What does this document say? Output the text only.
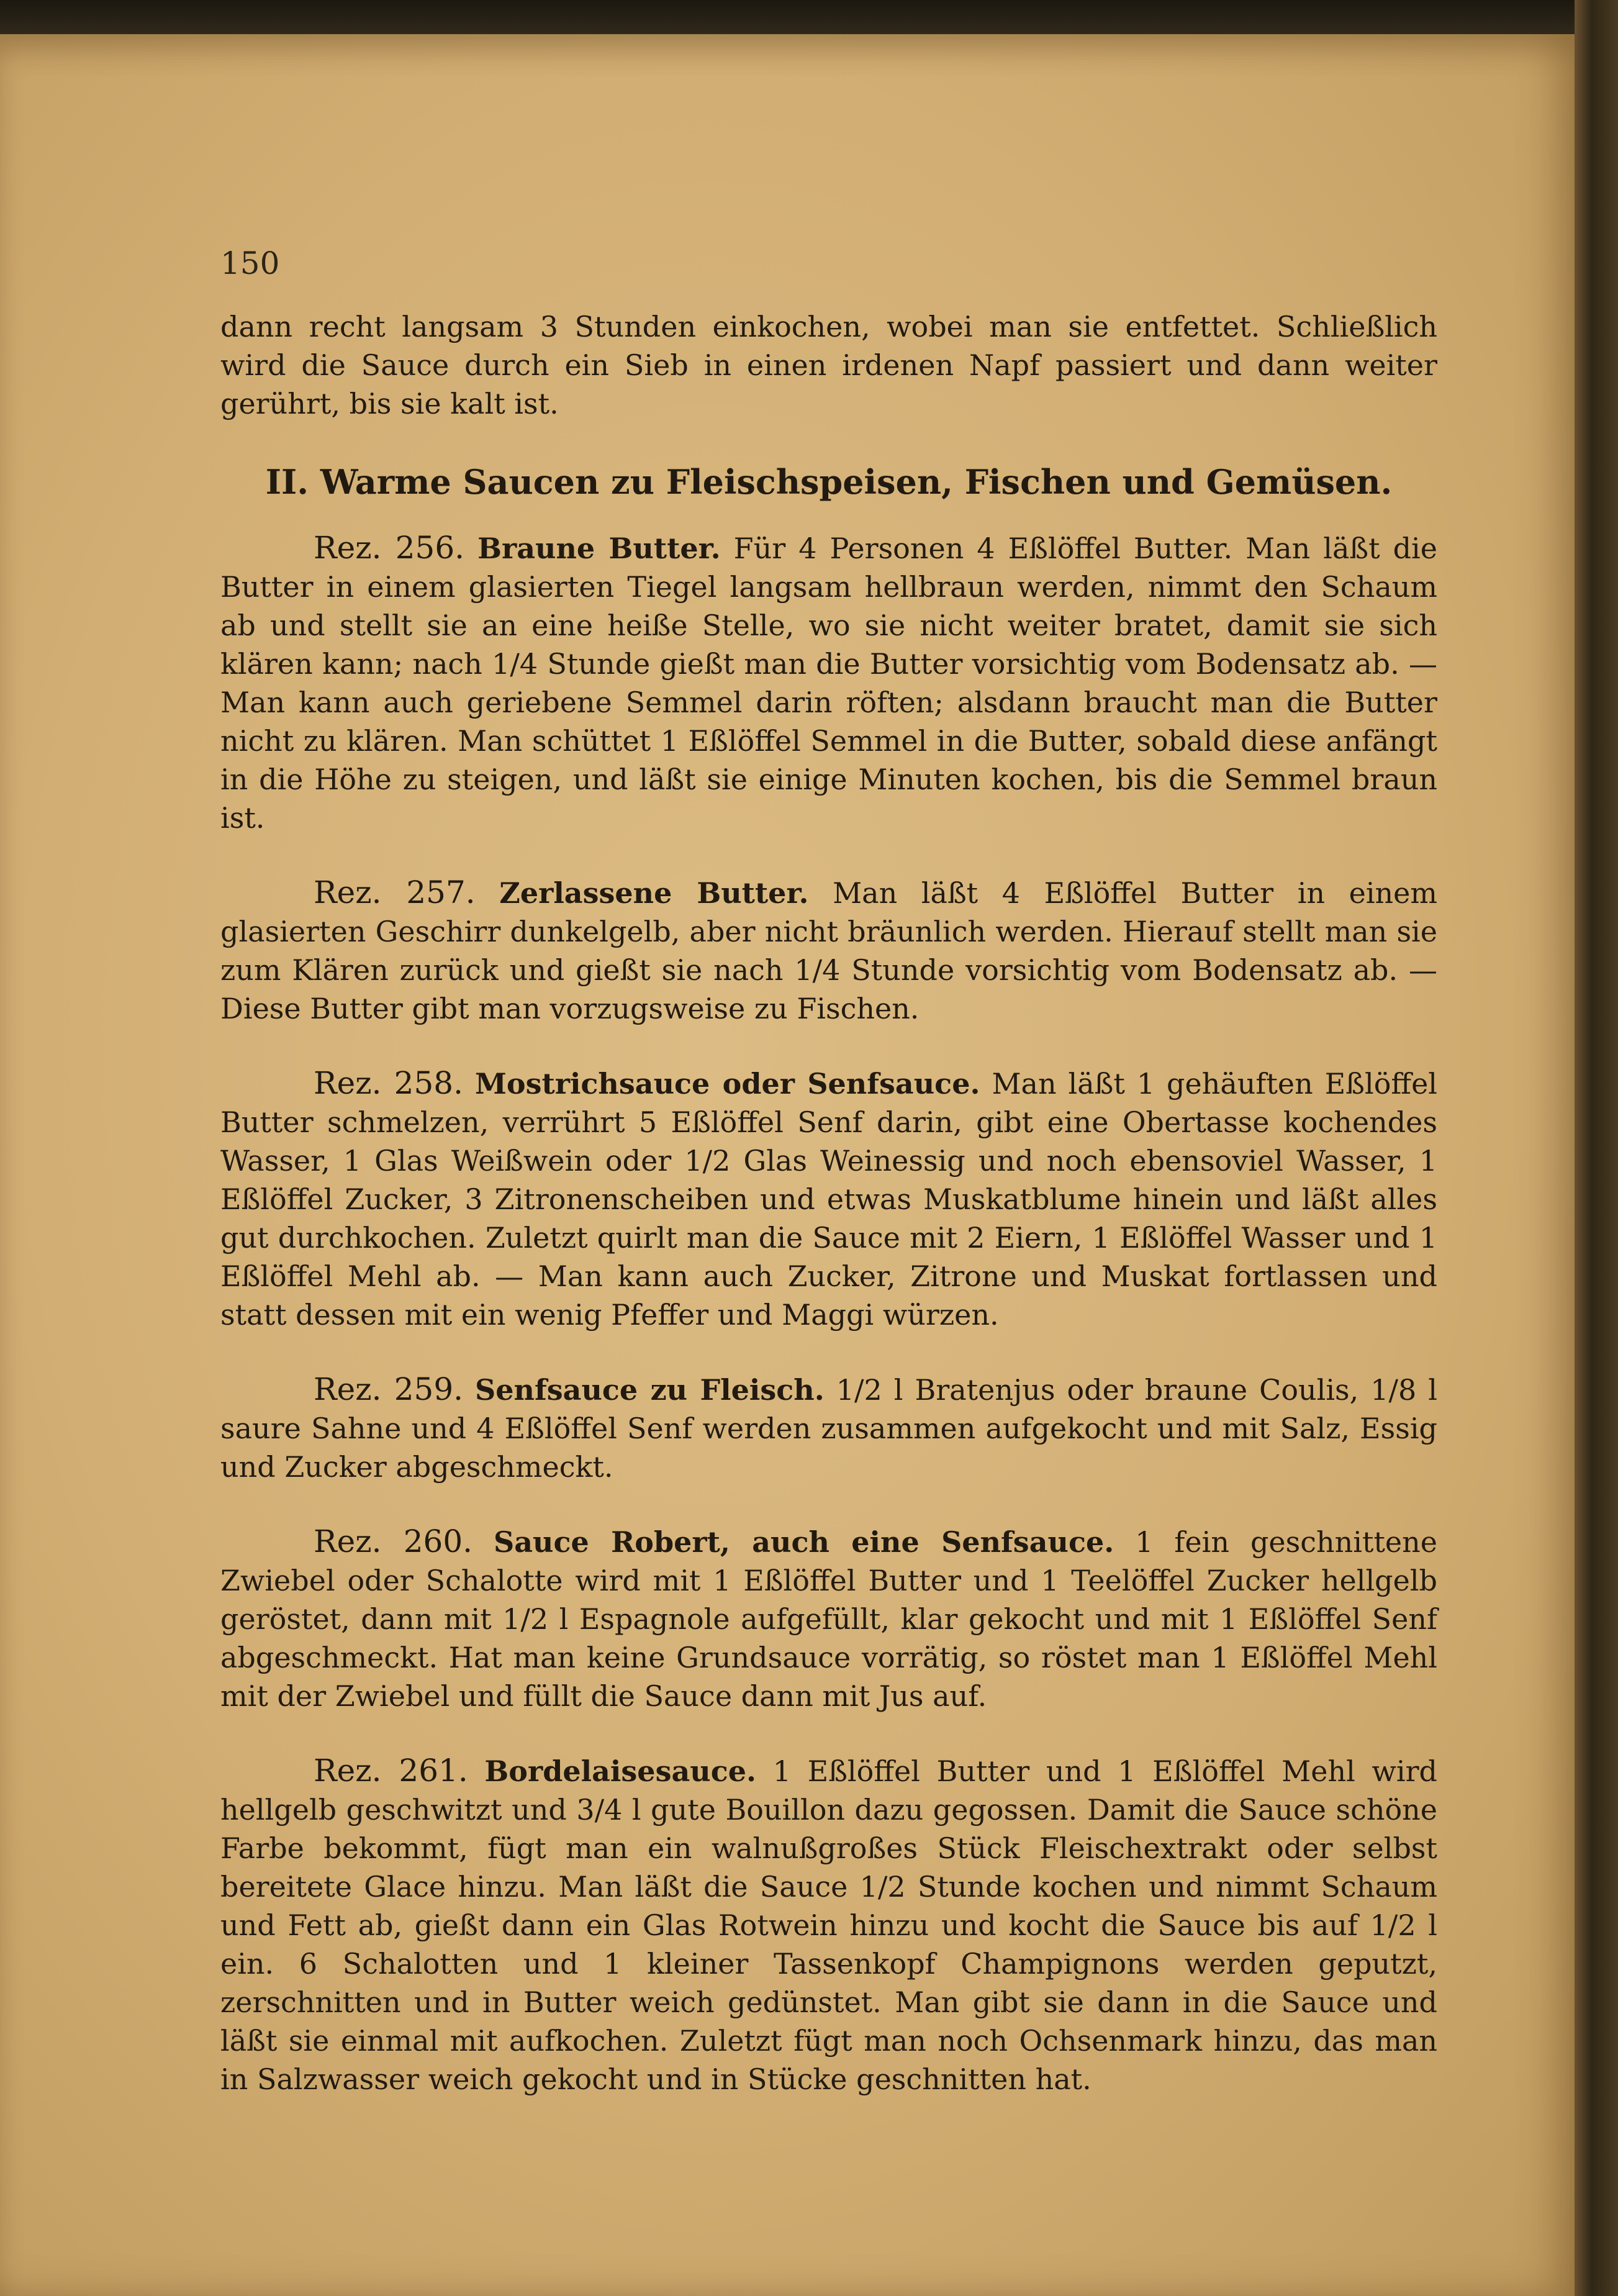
150

dann recht langsam 3 Stunden einkochen, wobei man sie entfettet. Schließlich wird die Sauce durch ein Sieb in einen irdenen Napf passiert und dann weiter gerührt, bis sie kalt ist.

II. Warme Saucen zu Fleischspeisen, Fischen und Gemüsen.

Rez. 256. Braune Butter. Für 4 Personen 4 Eßlöffel Butter. Man läßt die Butter in einem glasierten Tiegel langsam hellbraun werden, nimmt den Schaum ab und stellt sie an eine heiße Stelle, wo sie nicht weiter bratet, damit sie sich klären kann; nach 1/4 Stunde gießt man die Butter vorsichtig vom Bodensatz ab. — Man kann auch geriebene Semmel darin röften; alsdann braucht man die Butter nicht zu klären. Man schüttet 1 Eßlöffel Semmel in die Butter, sobald diese anfängt in die Höhe zu steigen, und läßt sie einige Minuten kochen, bis die Semmel braun ist.

Rez. 257. Zerlassene Butter. Man läßt 4 Eßlöffel Butter in einem glasierten Geschirr dunkelgelb, aber nicht bräunlich werden. Hierauf stellt man sie zum Klären zurück und gießt sie nach 1/4 Stunde vorsichtig vom Bodensatz ab. — Diese Butter gibt man vorzugsweise zu Fischen.

Rez. 258. Mostrichsauce oder Senfsauce. Man läßt 1 gehäuften Eßlöffel Butter schmelzen, verrührt 5 Eßlöffel Senf darin, gibt eine Obertasse kochendes Wasser, 1 Glas Weißwein oder 1/2 Glas Weinessig und noch ebensoviel Wasser, 1 Eßlöffel Zucker, 3 Zitronenscheiben und etwas Muskatblume hinein und läßt alles gut durchkochen. Zuletzt quirlt man die Sauce mit 2 Eiern, 1 Eßlöffel Wasser und 1 Eßlöffel Mehl ab. — Man kann auch Zucker, Zitrone und Muskat fortlassen und statt dessen mit ein wenig Pfeffer und Maggi würzen.

Rez. 259. Senfsauce zu Fleisch. 1/2 l Bratenjus oder braune Coulis, 1/8 l saure Sahne und 4 Eßlöffel Senf werden zusammen aufgekocht und mit Salz, Essig und Zucker abgeschmeckt.

Rez. 260. Sauce Robert, auch eine Senfsauce. 1 fein geschnittene Zwiebel oder Schalotte wird mit 1 Eßlöffel Butter und 1 Teelöffel Zucker hellgelb geröstet, dann mit 1/2 l Espagnole aufgefüllt, klar gekocht und mit 1 Eßlöffel Senf abgeschmeckt. Hat man keine Grundsauce vorrätig, so röstet man 1 Eßlöffel Mehl mit der Zwiebel und füllt die Sauce dann mit Jus auf.

Rez. 261. Bordelaisesauce. 1 Eßlöffel Butter und 1 Eßlöffel Mehl wird hellgelb geschwitzt und 3/4 l gute Bouillon dazu gegossen. Damit die Sauce schöne Farbe bekommt, fügt man ein walnußgroßes Stück Fleischextrakt oder selbst bereitete Glace hinzu. Man läßt die Sauce 1/2 Stunde kochen und nimmt Schaum und Fett ab, gießt dann ein Glas Rotwein hinzu und kocht die Sauce bis auf 1/2 l ein. 6 Schalotten und 1 kleiner Tassenkopf Champignons werden geputzt, zerschnitten und in Butter weich gedünstet. Man gibt sie dann in die Sauce und läßt sie einmal mit aufkochen. Zuletzt fügt man noch Ochsenmark hinzu, das man in Salzwasser weich gekocht und in Stücke geschnitten hat.
